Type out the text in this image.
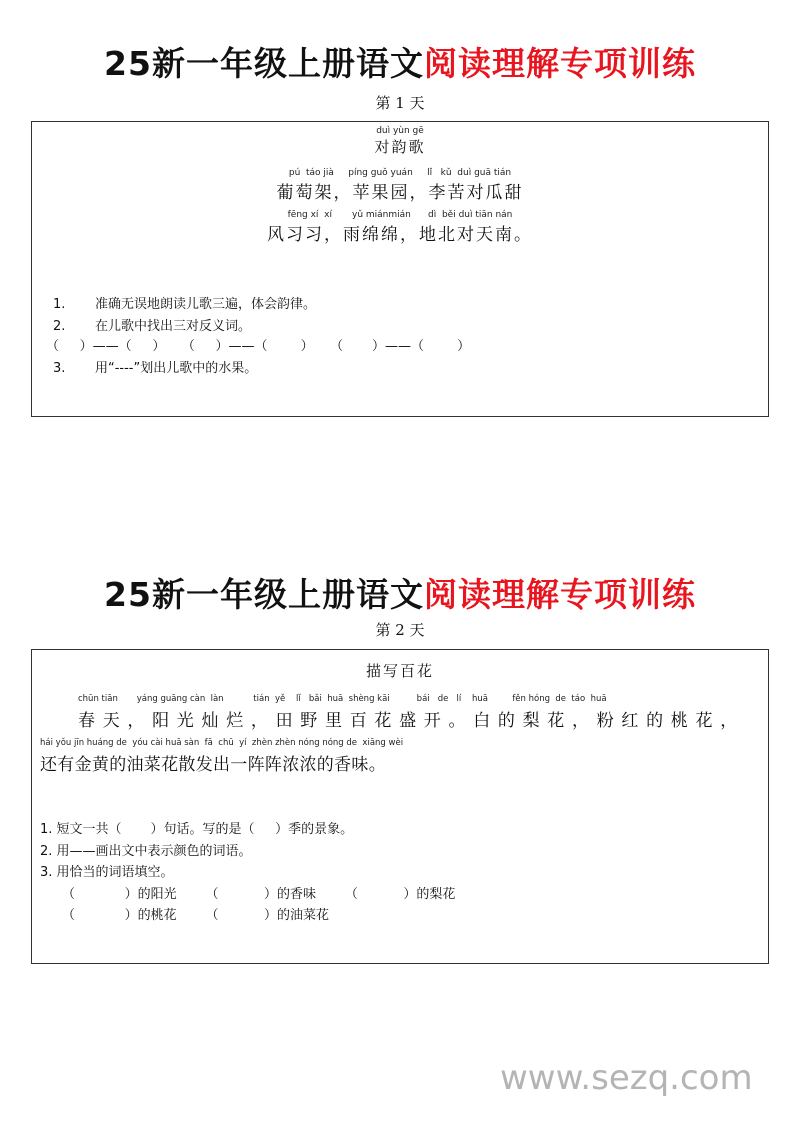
25新一年级上册语文阅读理解专项训练
第 1 天
duì yùn gē
对韵歌
pú  táo jià     píng guǒ yuán     lǐ   kǔ  duì guā tián
葡萄架，苹果园，李苦对瓜甜
fēng xí  xí       yǔ miánmián      dì  běi duì tiān nán
风习习，雨绵绵，地北对天南。
1. 准确无误地朗读儿歌三遍，体会韵律。
2. 在儿歌中找出三对反义词。
（     ）——（     ）    （     ）——（        ）    （       ）——（        ）
3. 用“----”划出儿歌中的水果。
25新一年级上册语文阅读理解专项训练
第 2 天
描写百花
chūn tiān       yáng guāng càn  làn           tián  yě    lǐ   bǎi  huā  shèng kāi          bái   de   lí    huā         fěn hóng  de  táo  huā
春天，阳光灿烂，田野里百花盛开。白的梨花，粉红的桃花，
hái yǒu jīn huáng de  yóu cài huā sàn  fā  chū  yí  zhèn zhèn nóng nóng de  xiāng wèi
还有金黄的油菜花散发出一阵阵浓浓的香味。
1. 短文一共（       ）句话。写的是（     ）季的景象。
2. 用——画出文中表示颜色的词语。
3. 用恰当的词语填空。
（            ）的阳光       （           ）的香味       （           ）的梨花
（            ）的桃花       （           ）的油菜花
www.sezq.com
